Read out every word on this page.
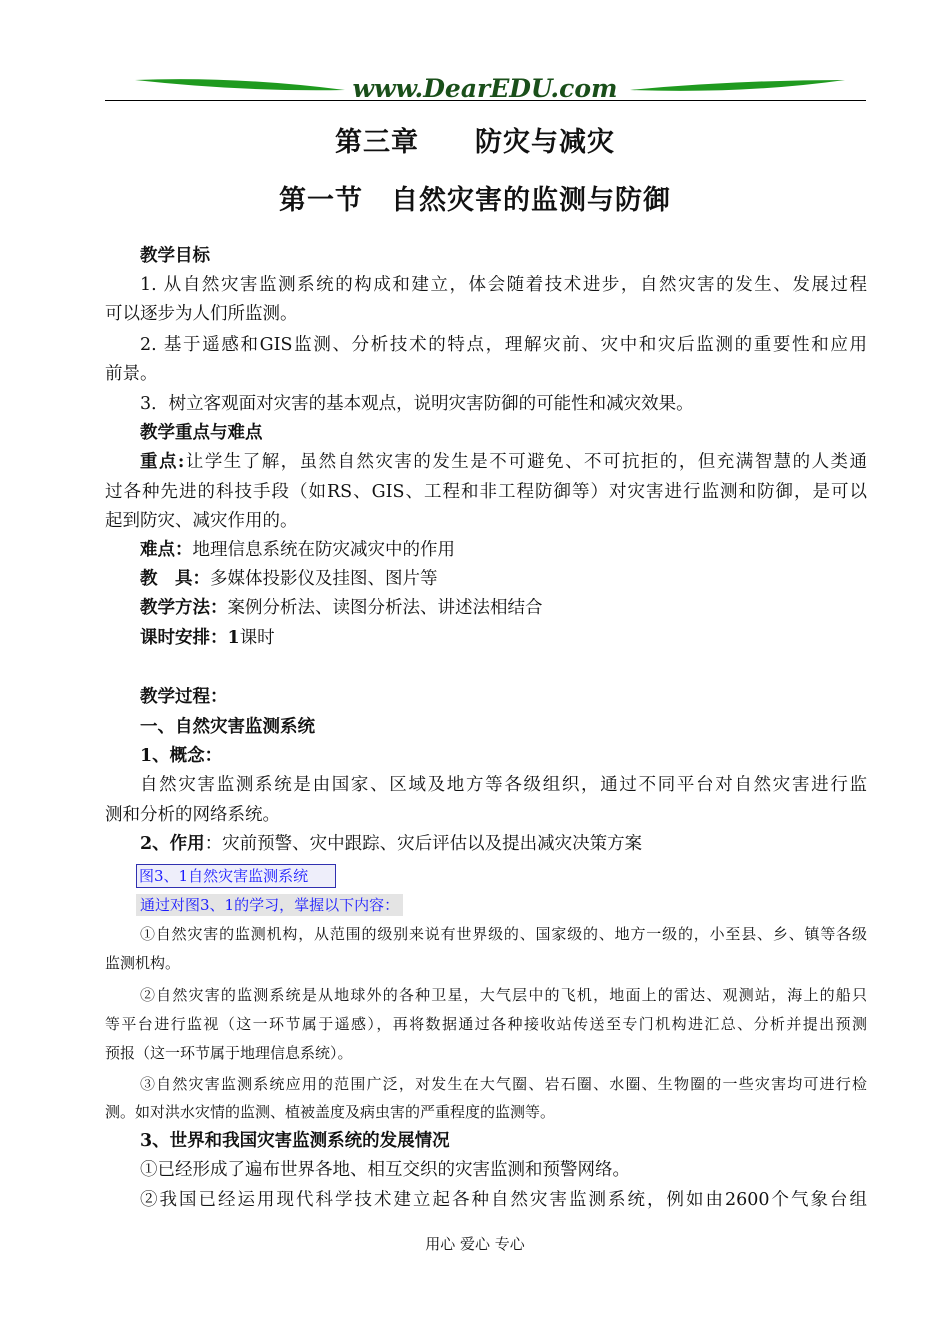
www.DearEDU.com
第三章　　防灾与减灾
第一节　自然灾害的监测与防御
教学目标
1. 从自然灾害监测系统的构成和建立，体会随着技术进步，自然灾害的发生、发展过程
可以逐步为人们所监测。
2. 基于遥感和GIS监测、分析技术的特点，理解灾前、灾中和灾后监测的重要性和应用
前景。
3．树立客观面对灾害的基本观点，说明灾害防御的可能性和减灾效果。
教学重点与难点
重点:让学生了解，虽然自然灾害的发生是不可避免、不可抗拒的，但充满智慧的人类通
过各种先进的科技手段（如RS、GIS、工程和非工程防御等）对灾害进行监测和防御，是可以
起到防灾、减灾作用的。
难点：地理信息系统在防灾减灾中的作用
教　具：多媒体投影仪及挂图、图片等
教学方法：案例分析法、读图分析法、讲述法相结合
课时安排：1课时
教学过程：
一、自然灾害监测系统
1、概念：
自然灾害监测系统是由国家、区域及地方等各级组织，通过不同平台对自然灾害进行监
测和分析的网络系统。
2、作用：灾前预警、灾中跟踪、灾后评估以及提出减灾决策方案
图3、1自然灾害监测系统
通过对图3、1的学习，掌握以下内容：
①自然灾害的监测机构，从范围的级别来说有世界级的、国家级的、地方一级的，小至县、乡、镇等各级
监测机构。
②自然灾害的监测系统是从地球外的各种卫星，大气层中的飞机，地面上的雷达、观测站，海上的船只
等平台进行监视（这一环节属于遥感），再将数据通过各种接收站传送至专门机构进汇总、分析并提出预测
预报（这一环节属于地理信息系统）。
③自然灾害监测系统应用的范围广泛，对发生在大气圈、岩石圈、水圈、生物圈的一些灾害均可进行检
测。如对洪水灾情的监测、植被盖度及病虫害的严重程度的监测等。
3、世界和我国灾害监测系统的发展情况
①已经形成了遍布世界各地、相互交织的灾害监测和预警网络。
②我国已经运用现代科学技术建立起各种自然灾害监测系统，例如由2600个气象台组
用心 爱心 专心
